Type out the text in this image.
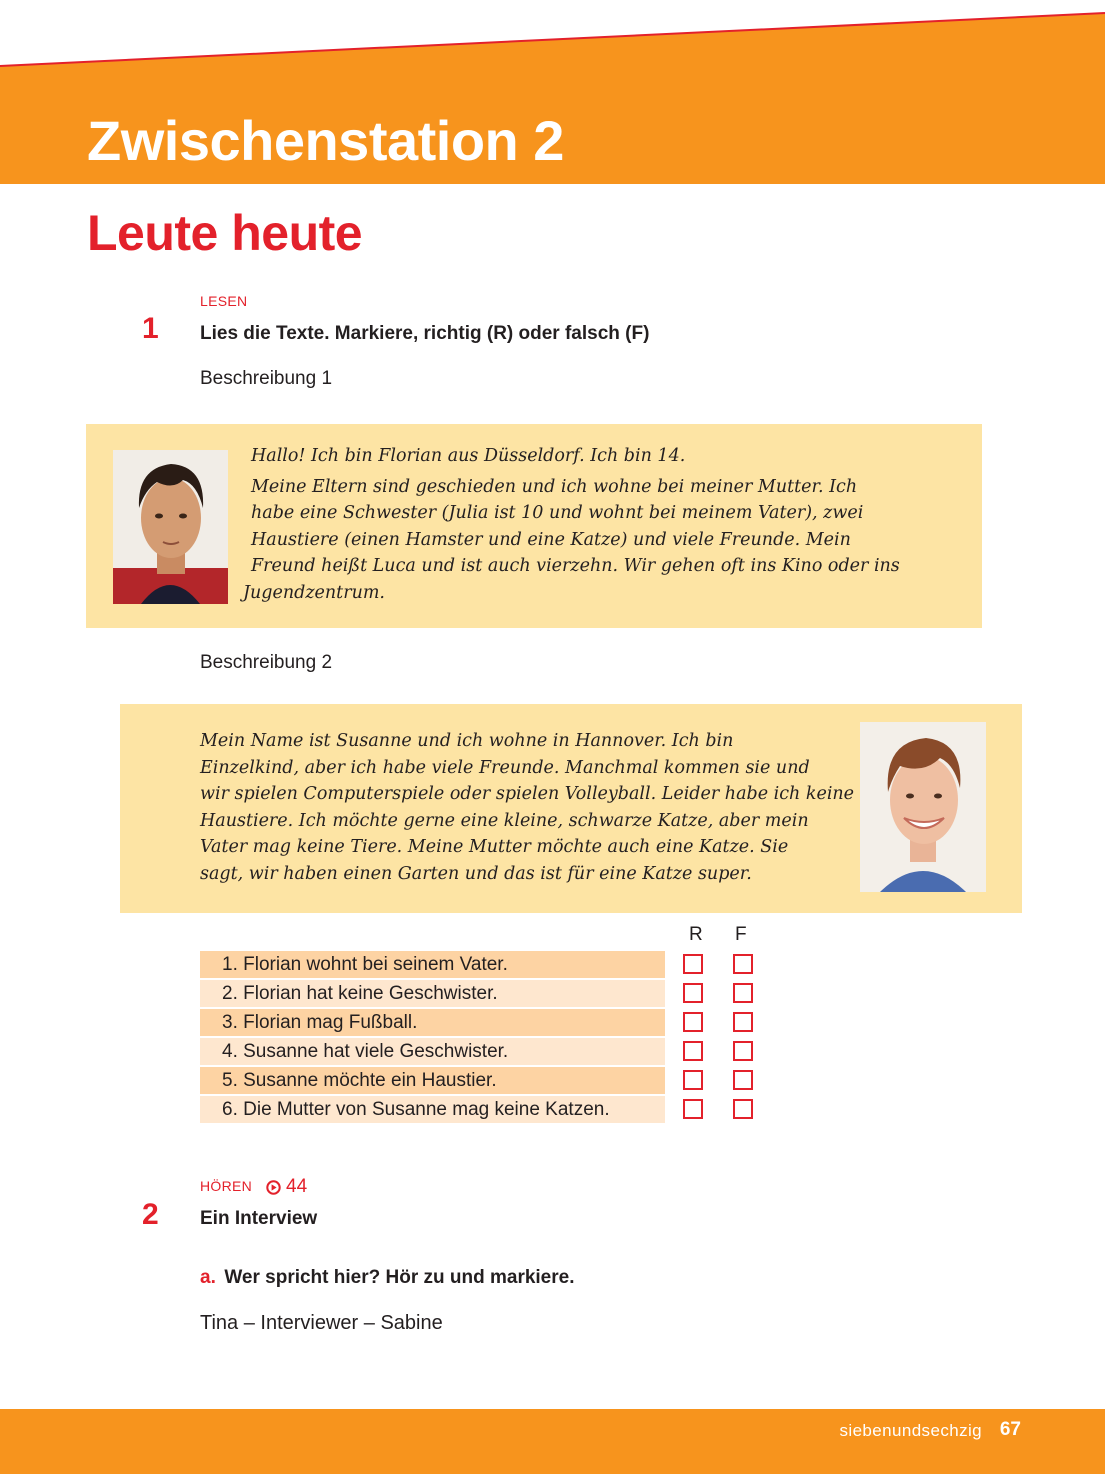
Zwischenstation 2
Leute heute
LESEN
1 Lies die Texte. Markiere, richtig (R) oder falsch (F)
Beschreibung 1

Hallo! Ich bin Florian aus Düsseldorf. Ich bin 14.

Meine Eltern sind geschieden und ich wohne bei meiner Mutter. Ich

habe eine Schwester (Julia ist 10 und wohnt bei meinem Vater), zwei

Haustiere (einen Hamster und eine Katze) und viele Freunde. Mein

Freund heißt Luca und ist auch vierzehn. Wir gehen oft ins Kino oder ins

Jugendzentrum.

Beschreibung 2

Mein Name ist Susanne und ich wohne in Hannover. Ich bin

Einzelkind, aber ich habe viele Freunde. Manchmal kommen sie und

wir spielen Computerspiele oder spielen Volleyball. Leider habe ich keine

Haustiere. Ich möchte gerne eine kleine, schwarze Katze, aber mein

Vater mag keine Tiere. Meine Mutter möchte auch eine Katze. Sie

sagt, wir haben einen Garten und das ist für eine Katze super.

R F
1. Florian wohnt bei seinem Vater.
2. Florian hat keine Geschwister.
3. Florian mag Fußball.
4. Susanne hat viele Geschwister.
5. Susanne möchte ein Haustier.
6. Die Mutter von Susanne mag keine Katzen.
HÖREN 44
2 Ein Interview
a. Wer spricht hier? Hör zu und markiere.
Tina – Interviewer – Sabine
siebenundsechzig 67
